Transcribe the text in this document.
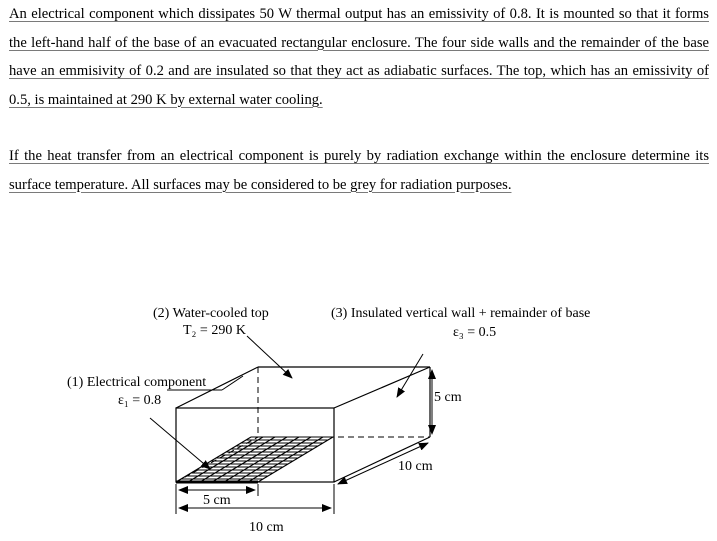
An electrical component which dissipates 50 W thermal output has an emissivity of 0.8. It is mounted so that it forms the left-hand half of the base of an evacuated rectangular enclosure. The four side walls and the remainder of the base have an emmisivity of 0.2 and are insulated so that they act as adiabatic surfaces. The top, which has an emissivity of 0.5, is maintained at 290 K by external water cooling.

If the heat transfer from an electrical component is purely by radiation exchange within the enclosure determine its surface temperature. All surfaces may be considered to be grey for radiation purposes.

(2) Water-cooled top
T₂ = 290 K
(3) Insulated vertical wall + remainder of base
ε₃ = 0.5
(1) Electrical component
ε₁ = 0.8	5 cm
10 cm
5 cm
10 cm
